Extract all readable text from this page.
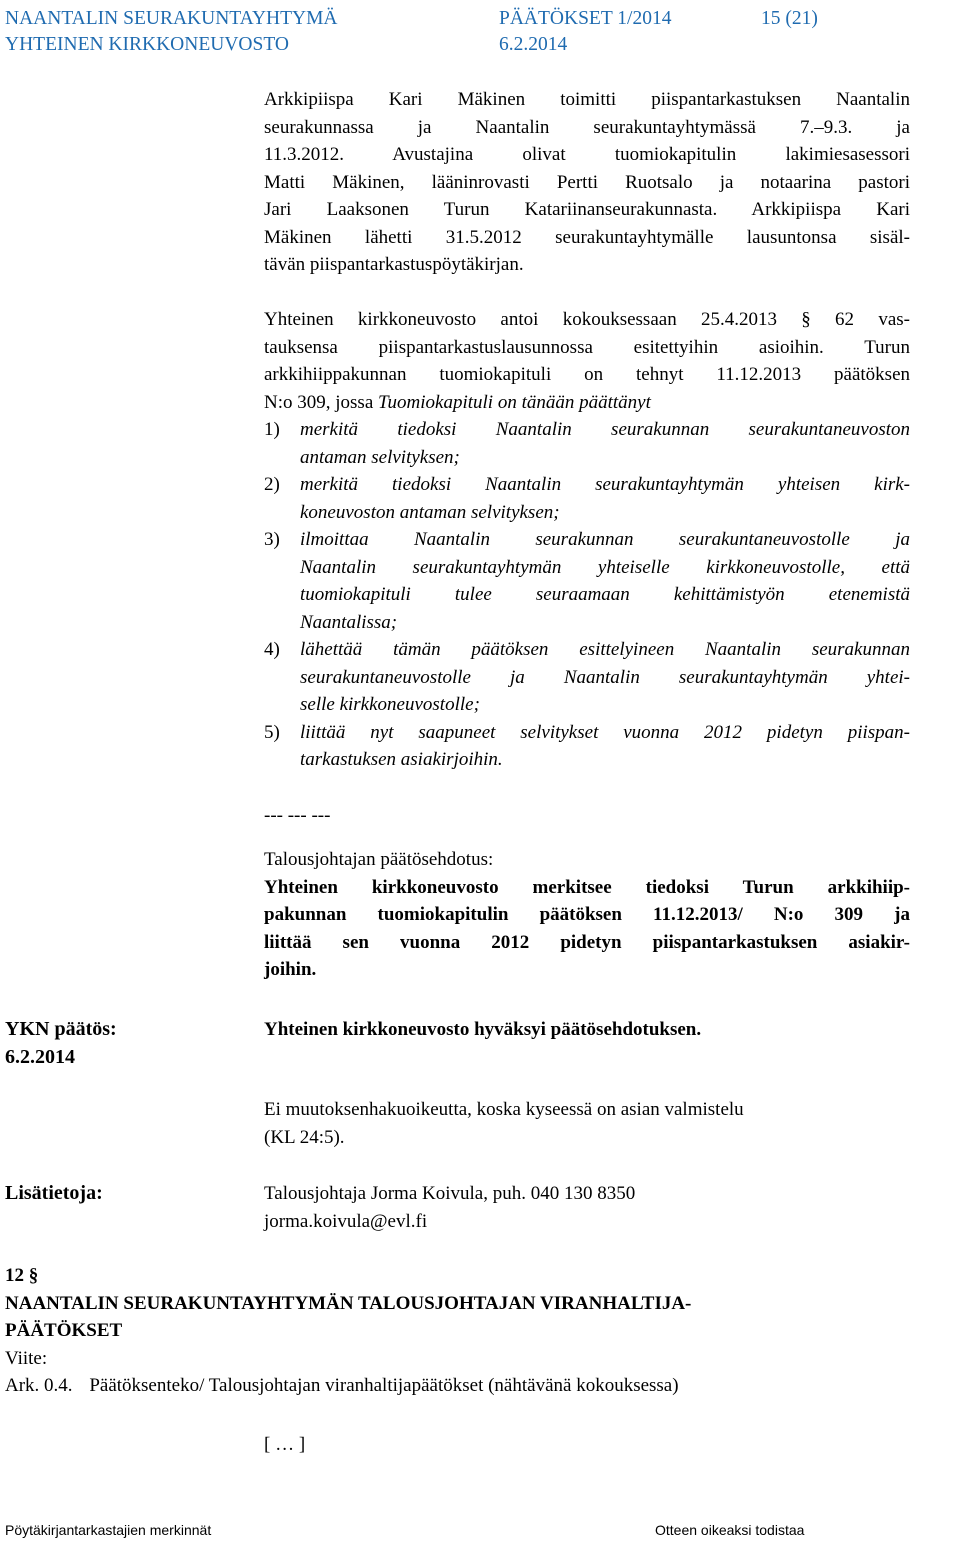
NAANTALIN SEURAKUNTAYHTYMÄ	PÄÄTÖKSET 1/2014	15 (21)
YHTEINEN KIRKKONEUVOSTO	6.2.2014
Arkkipiispa Kari Mäkinen toimitti piispantarkastuksen Naantalin
seurakunnassa ja Naantalin seurakuntayhtymässä 7.–9.3. ja
11.3.2012. Avustajina olivat tuomiokapitulin lakimiesasessori
Matti Mäkinen, lääninrovasti Pertti Ruotsalo ja notaarina pastori
Jari Laaksonen Turun Katariinanseurakunnasta. Arkkipiispa Kari
Mäkinen lähetti 31.5.2012 seurakuntayhtymälle lausuntonsa sisäl-
tävän piispantarkastuspöytäkirjan.
Yhteinen kirkkoneuvosto antoi kokouksessaan 25.4.2013 § 62 vas-
tauksensa piispantarkastuslausunnossa esitettyihin asioihin. Turun
arkkihiippakunnan tuomiokapituli on tehnyt 11.12.2013 päätöksen
N:o 309, jossa Tuomiokapituli on tänään päättänyt
1) merkitä tiedoksi Naantalin seurakunnan seurakuntaneuvoston
antaman selvityksen;
2) merkitä tiedoksi Naantalin seurakuntayhtymän yhteisen kirk-
koneuvoston antaman selvityksen;
3) ilmoittaa Naantalin seurakunnan seurakuntaneuvostolle ja
Naantalin seurakuntayhtymän yhteiselle kirkkoneuvostolle, että
tuomiokapituli tulee seuraamaan kehittämistyön etenemistä
Naantalissa;
4) lähettää tämän päätöksen esittelyineen Naantalin seurakunnan
seurakuntaneuvostolle ja Naantalin seurakuntayhtymän yhtei-
selle kirkkoneuvostolle;
5) liittää nyt saapuneet selvitykset vuonna 2012 pidetyn piispan-
tarkastuksen asiakirjoihin.
--- --- ---
Talousjohtajan päätösehdotus:
Yhteinen kirkkoneuvosto merkitsee tiedoksi Turun arkkihiip-
pakunnan tuomiokapitulin päätöksen 11.12.2013/ N:o 309 ja
liittää sen vuonna 2012 pidetyn piispantarkastuksen asiakir-
joihin.
YKN päätös:
6.2.2014
Yhteinen kirkkoneuvosto hyväksyi päätösehdotuksen.
Ei muutoksenhakuoikeutta, koska kyseessä on asian valmistelu
(KL 24:5).
Lisätietoja:	Talousjohtaja Jorma Koivula, puh. 040 130 8350
jorma.koivula@evl.fi
12 §
NAANTALIN SEURAKUNTAYHTYMÄN TALOUSJOHTAJAN VIRANHALTIJA-
PÄÄTÖKSET
Viite:
Ark. 0.4. Päätöksenteko/ Talousjohtajan viranhaltijapäätökset (nähtävänä kokouksessa)
[ … ]
Pöytäkirjantarkastajien merkinnät	Otteen oikeaksi todistaa
